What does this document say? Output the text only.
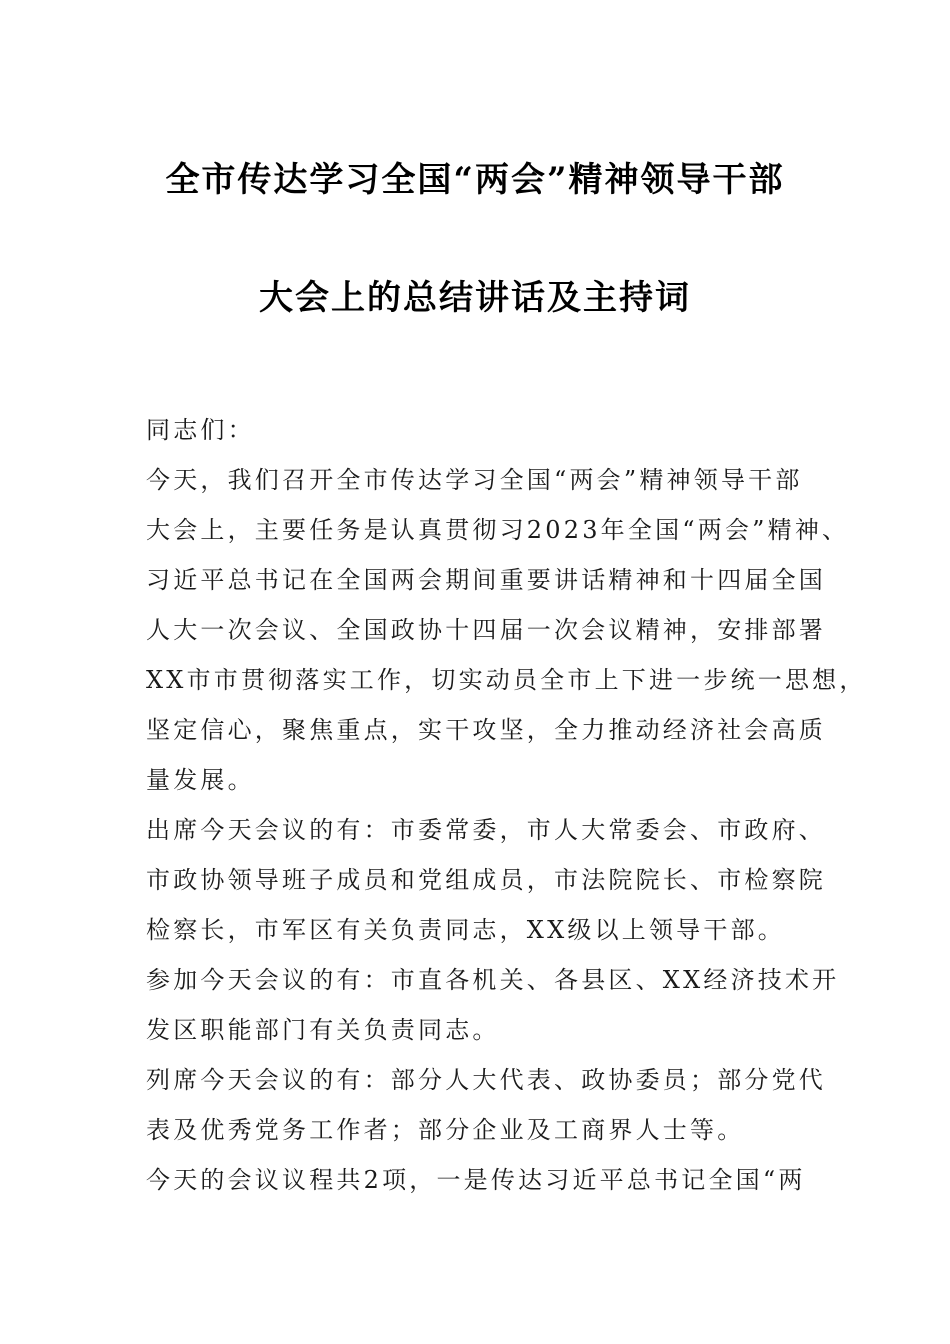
全市传达学习全国“两会”精神领导干部
大会上的总结讲话及主持词
同志们：
今天，我们召开全市传达学习全国“两会”精神领导干部
大会上，主要任务是认真贯彻习2023年全国“两会”精神、
习近平总书记在全国两会期间重要讲话精神和十四届全国
人大一次会议、全国政协十四届一次会议精神，安排部署
XX市市贯彻落实工作，切实动员全市上下进一步统一思想，
坚定信心，聚焦重点，实干攻坚，全力推动经济社会高质
量发展。
出席今天会议的有：市委常委，市人大常委会、市政府、
市政协领导班子成员和党组成员，市法院院长、市检察院
检察长，市军区有关负责同志，XX级以上领导干部。
参加今天会议的有：市直各机关、各县区、XX经济技术开
发区职能部门有关负责同志。
列席今天会议的有：部分人大代表、政协委员；部分党代
表及优秀党务工作者；部分企业及工商界人士等。
今天的会议议程共2项，一是传达习近平总书记全国“两
